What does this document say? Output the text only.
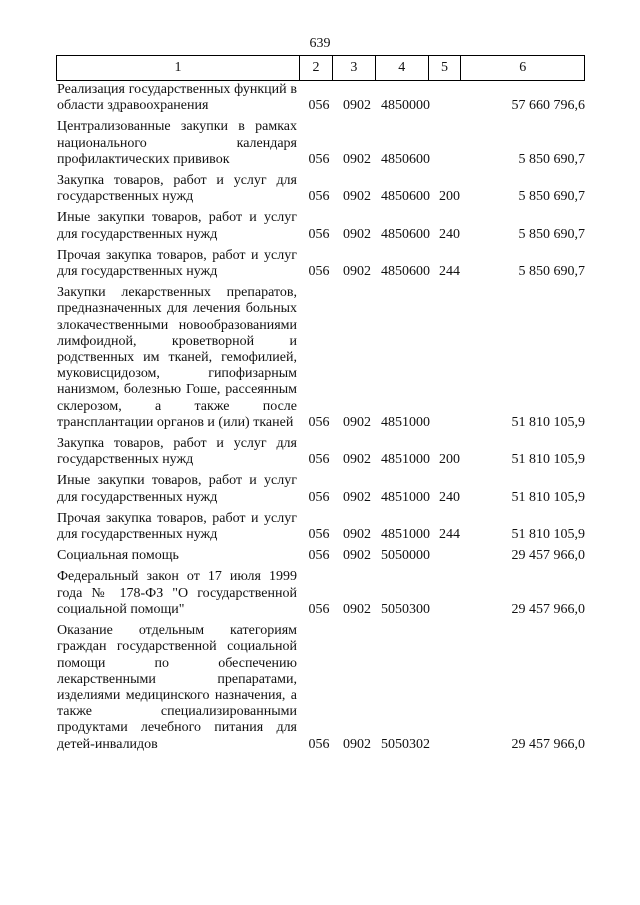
639
1	2	3	4	5	6
Реализация государственных функций в области здравоохранения	056 0902 4850000	57 660 796,6
Централизованные закупки в рамках национального календаря профилактических прививок	056 0902 4850600	5 850 690,7
Закупка товаров, работ и услуг для государственных нужд	056 0902 4850600 200	5 850 690,7
Иные закупки товаров, работ и услуг для государственных нужд	056 0902 4850600 240	5 850 690,7
Прочая закупка товаров, работ и услуг для государственных нужд	056 0902 4850600 244	5 850 690,7
Закупки лекарственных препаратов, предназначенных для лечения больных злокачественными новообразованиями лимфоидной, кроветворной и родственных им тканей, гемофилией, муковисцидозом, гипофизарным нанизмом, болезнью Гоше, рассеянным склерозом, а также после трансплантации органов и (или) тканей	056 0902 4851000	51 810 105,9
Закупка товаров, работ и услуг для государственных нужд	056 0902 4851000 200	51 810 105,9
Иные закупки товаров, работ и услуг для государственных нужд	056 0902 4851000 240	51 810 105,9
Прочая закупка товаров, работ и услуг для государственных нужд	056 0902 4851000 244	51 810 105,9
Социальная помощь	056 0902 5050000	29 457 966,0
Федеральный закон от 17 июля 1999 года № 178-ФЗ "О государственной социальной помощи"	056 0902 5050300	29 457 966,0
Оказание отдельным категориям граждан государственной социальной помощи по обеспечению лекарственными препаратами, изделиями медицинского назначения, а также специализированными продуктами лечебного питания для детей-инвалидов	056 0902 5050302	29 457 966,0
